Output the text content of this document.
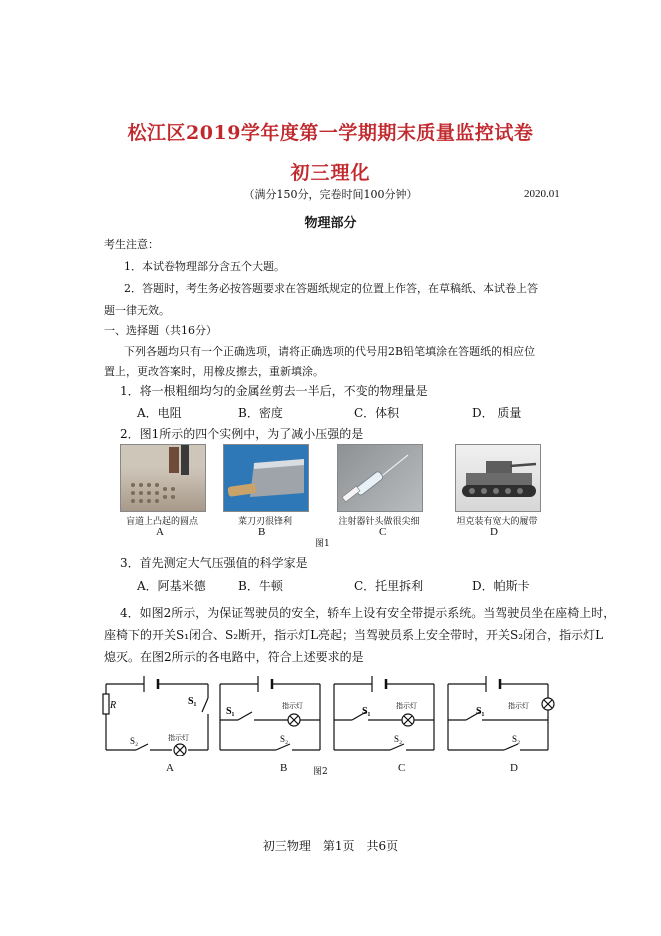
松江区2019学年度第一学期期末质量监控试卷
初三理化
（满分150分，完卷时间100分钟）	2020.01
物理部分
考生注意：
1．本试卷物理部分含五个大题。
2．答题时，考生务必按答题要求在答题纸规定的位置上作答，在草稿纸、本试卷上答
题一律无效。
一、选择题（共16分）
下列各题均只有一个正确选项，请将正确选项的代号用2B铅笔填涂在答题纸的相应位
置上，更改答案时，用橡皮擦去，重新填涂。
1．将一根粗细均匀的金属丝剪去一半后，不变的物理量是
A．电阻	B．密度	C．体积	D． 质量
2．图1所示的四个实例中，为了减小压强的是
盲道上凸起的圆点	菜刀刃很锋利	注射器针头做很尖细	坦克装有宽大的履带
A	B	C	D
图1
3．首先测定大气压强值的科学家是
A．阿基米德	B．牛顿	C．托里拆利	D．帕斯卡
4．如图2所示，为保证驾驶员的安全，轿车上设有安全带提示系统。当驾驶员坐在座椅上时，
座椅下的开关S₁闭合、S₂断开，指示灯L亮起；当驾驶员系上安全带时，开关S₂闭合，指示灯L
熄灭。在图2所示的各电路中，符合上述要求的是
R	S₁
S₂	指示灯
A
S₁	指示灯
S₂
B	图2
S₁	指示灯
S₂
C
S₁	指示灯
S₂
D
初三物理　第1页　共6页
